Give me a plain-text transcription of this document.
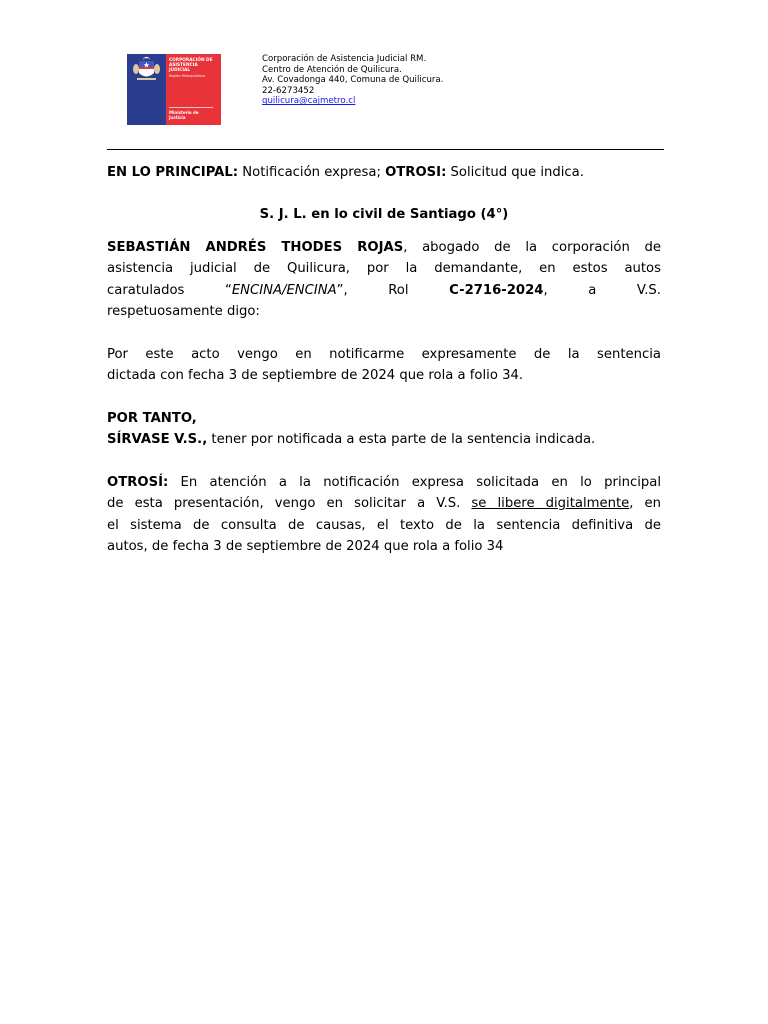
CORPORACIÓN DE
ASISTENCIA
JUDICIAL
Región Metropolitana
Ministerio de
Justicia
Corporación de Asistencia Judicial RM.
Centro de Atención de Quilicura.
Av. Covadonga 440, Comuna de Quilicura.
22-6273452
quilicura@cajmetro.cl
EN LO PRINCIPAL: Notificación expresa; OTROSI: Solicitud que indica.
S. J. L. en lo civil de Santiago (4°)
SEBASTIÁN ANDRÉS THODES ROJAS, abogado de la corporación de
asistencia judicial de Quilicura, por la demandante, en estos autos
caratulados	“ENCINA/ENCINA”,	Rol	C-2716-2024,	a	V.S.
respetuosamente digo:
Por este acto vengo en notificarme expresamente de la sentencia
dictada con fecha 3 de septiembre de 2024 que rola a folio 34.
POR TANTO,
SÍRVASE V.S., tener por notificada a esta parte de la sentencia indicada.
OTROSÍ: En atención a la notificación expresa solicitada en lo principal
de esta presentación, vengo en solicitar a V.S. se libere digitalmente, en
el sistema de consulta de causas, el texto de la sentencia definitiva de
autos, de fecha 3 de septiembre de 2024 que rola a folio 34
